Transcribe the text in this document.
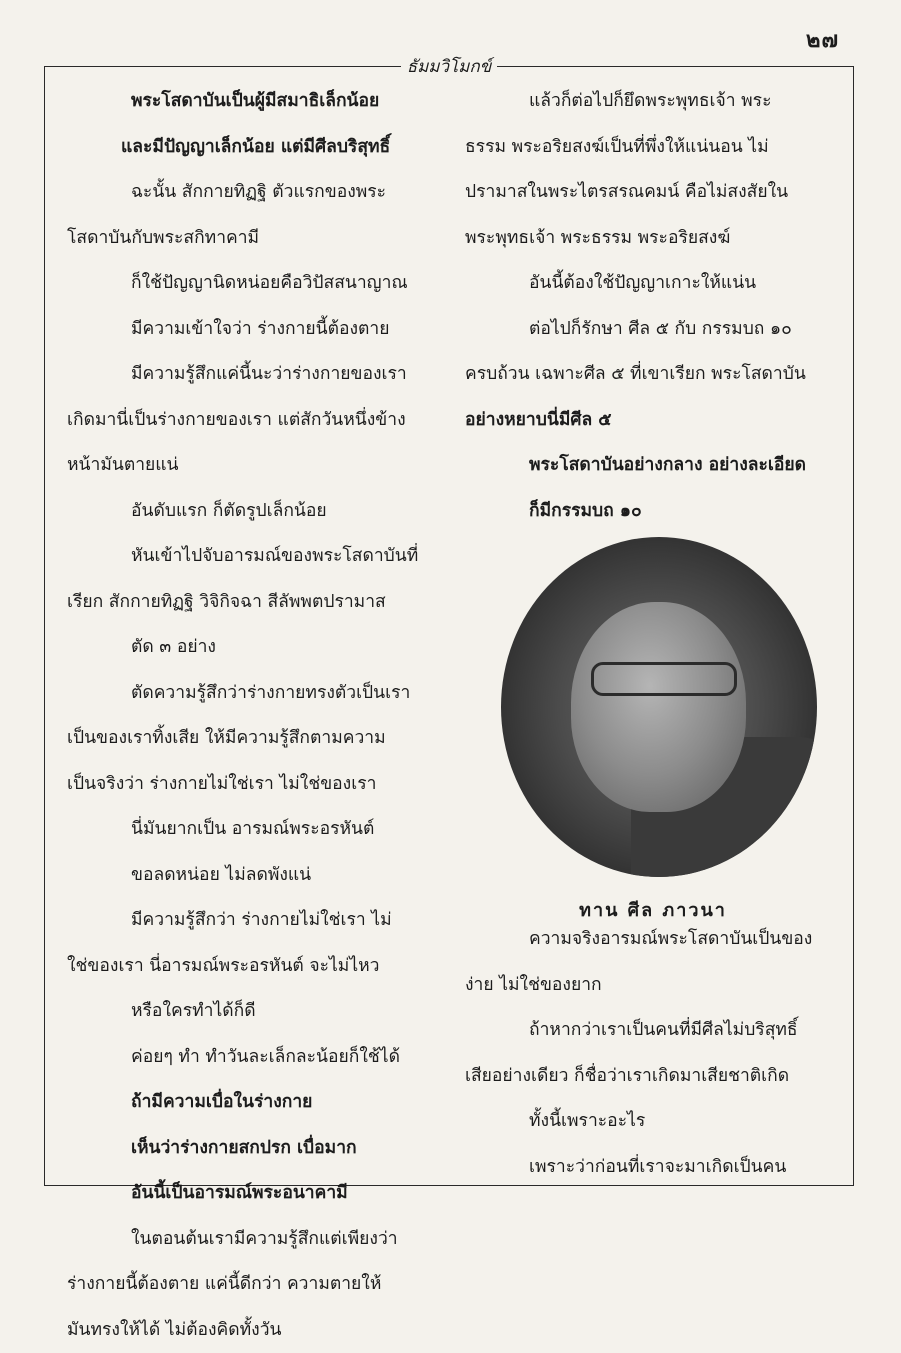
๒๗
ธัมมวิโมกข์
พระโสดาบันเป็นผู้มีสมาธิเล็กน้อย
และมีปัญญาเล็กน้อย แต่มีศีลบริสุทธิ์
ฉะนั้น สักกายทิฏฐิ ตัวแรกของพระ
โสดาบันกับพระสกิทาคามี
ก็ใช้ปัญญานิดหน่อยคือวิปัสสนาญาณ
มีความเข้าใจว่า ร่างกายนี้ต้องตาย
มีความรู้สึกแค่นี้นะว่าร่างกายของเรา
เกิดมานี่เป็นร่างกายของเรา แต่สักวันหนึ่งข้าง
หน้ามันตายแน่
อันดับแรก ก็ตัดรูปเล็กน้อย
หันเข้าไปจับอารมณ์ของพระโสดาบันที่
เรียก สักกายทิฏฐิ วิจิกิจฉา สีลัพพตปรามาส
ตัด ๓ อย่าง
ตัดความรู้สึกว่าร่างกายทรงตัวเป็นเรา
เป็นของเราทิ้งเสีย ให้มีความรู้สึกตามความ
เป็นจริงว่า ร่างกายไม่ใช่เรา ไม่ใช่ของเรา
นี่มันยากเป็น อารมณ์พระอรหันต์
ขอลดหน่อย ไม่ลดพังแน่
มีความรู้สึกว่า ร่างกายไม่ใช่เรา ไม่
ใช่ของเรา นี่อารมณ์พระอรหันต์ จะไม่ไหว
หรือใครทำได้ก็ดี
ค่อยๆ ทำ ทำวันละเล็กละน้อยก็ใช้ได้
ถ้ามีความเบื่อในร่างกาย
เห็นว่าร่างกายสกปรก เบื่อมาก
อันนี้เป็นอารมณ์พระอนาคามี
ในตอนต้นเรามีความรู้สึกแต่เพียงว่า
ร่างกายนี้ต้องตาย แค่นี้ดีกว่า ความตายให้
มันทรงให้ได้ ไม่ต้องคิดทั้งวัน
แล้วก็ต่อไปก็ยึดพระพุทธเจ้า พระ
ธรรม พระอริยสงฆ์เป็นที่พึ่งให้แน่นอน ไม่
ปรามาสในพระไตรสรณคมน์ คือไม่สงสัยใน
พระพุทธเจ้า พระธรรม พระอริยสงฆ์
อันนี้ต้องใช้ปัญญาเกาะให้แน่น
ต่อไปก็รักษา ศีล ๕ กับ กรรมบถ ๑๐
ครบถ้วน เฉพาะศีล ๕ ที่เขาเรียก พระโสดาบัน
อย่างหยาบนี่มีศีล ๕
พระโสดาบันอย่างกลาง อย่างละเอียด
ก็มีกรรมบถ ๑๐
ความจริงอารมณ์พระโสดาบันเป็นของ
ง่าย ไม่ใช่ของยาก
ถ้าหากว่าเราเป็นคนที่มีศีลไม่บริสุทธิ์
เสียอย่างเดียว ก็ชื่อว่าเราเกิดมาเสียชาติเกิด
ทั้งนี้เพราะอะไร
เพราะว่าก่อนที่เราจะมาเกิดเป็นคน
ทาน ศีล ภาวนา
